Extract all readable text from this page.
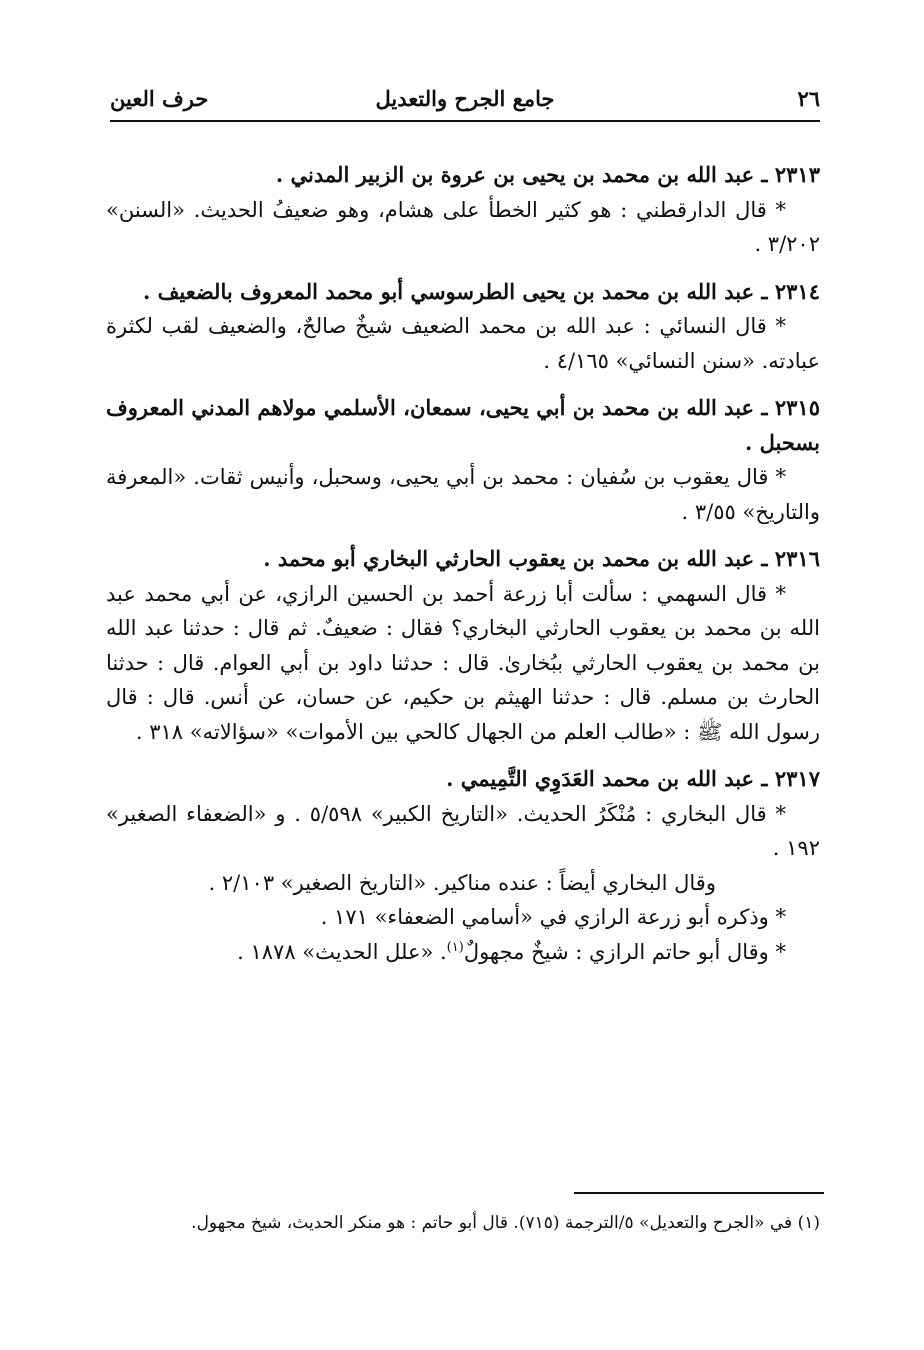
٢٦
جامع الجرح والتعديل
حرف العين

٢٣١٣ ـ عبد الله بن محمد بن يحيى بن عروة بن الزبير المدني .

* قال الدارقطني : هو كثير الخطأ على هشام، وهو ضعيفُ الحديث. «السنن» ٣/٢٠٢ .

٢٣١٤ ـ عبد الله بن محمد بن يحيى الطرسوسي أبو محمد المعروف بالضعيف .

* قال النسائي : عبد الله بن محمد الضعيف شيخٌ صالحٌ، والضعيف لقب لكثرة عبادته. «سنن النسائي» ٤/١٦٥ .

٢٣١٥ ـ عبد الله بن محمد بن أبي يحيى، سمعان، الأسلمي مولاهم المدني المعروف بسحبل .

* قال يعقوب بن سُفيان : محمد بن أبي يحيى، وسحبل، وأنيس ثقات. «المعرفة والتاريخ» ٣/٥٥ .

٢٣١٦ ـ عبد الله بن محمد بن يعقوب الحارثي البخاري أبو محمد .

* قال السهمي : سألت أبا زرعة أحمد بن الحسين الرازي، عن أبي محمد عبد الله بن محمد بن يعقوب الحارثي البخاري؟ فقال : ضعيفٌ. ثم قال : حدثنا عبد الله بن محمد بن يعقوب الحارثي ببُخارىٰ. قال : حدثنا داود بن أبي العوام. قال : حدثنا الحارث بن مسلم. قال : حدثنا الهيثم بن حكيم، عن حسان، عن أنس. قال : قال رسول الله ﷺ : «طالب العلم من الجهال كالحي بين الأموات» «سؤالاته» ٣١٨ .

٢٣١٧ ـ عبد الله بن محمد العَدَوِي التَّمِيمي .

* قال البخاري : مُنْكَرُ الحديث. «التاريخ الكبير» ٥/٥٩٨ . و «الضعفاء الصغير» ١٩٢ .

وقال البخاري أيضاً : عنده مناكير. «التاريخ الصغير» ٢/١٠٣ .

* وذكره أبو زرعة الرازي في «أسامي الضعفاء» ١٧١ .

* وقال أبو حاتم الرازي : شيخٌ مجهولٌ$^{(١)}$. «علل الحديث» ١٨٧٨ .

(١) في «الجرح والتعديل» ٥/الترجمة (٧١٥). قال أبو حاتم : هو منكر الحديث، شيخ مجهول.
